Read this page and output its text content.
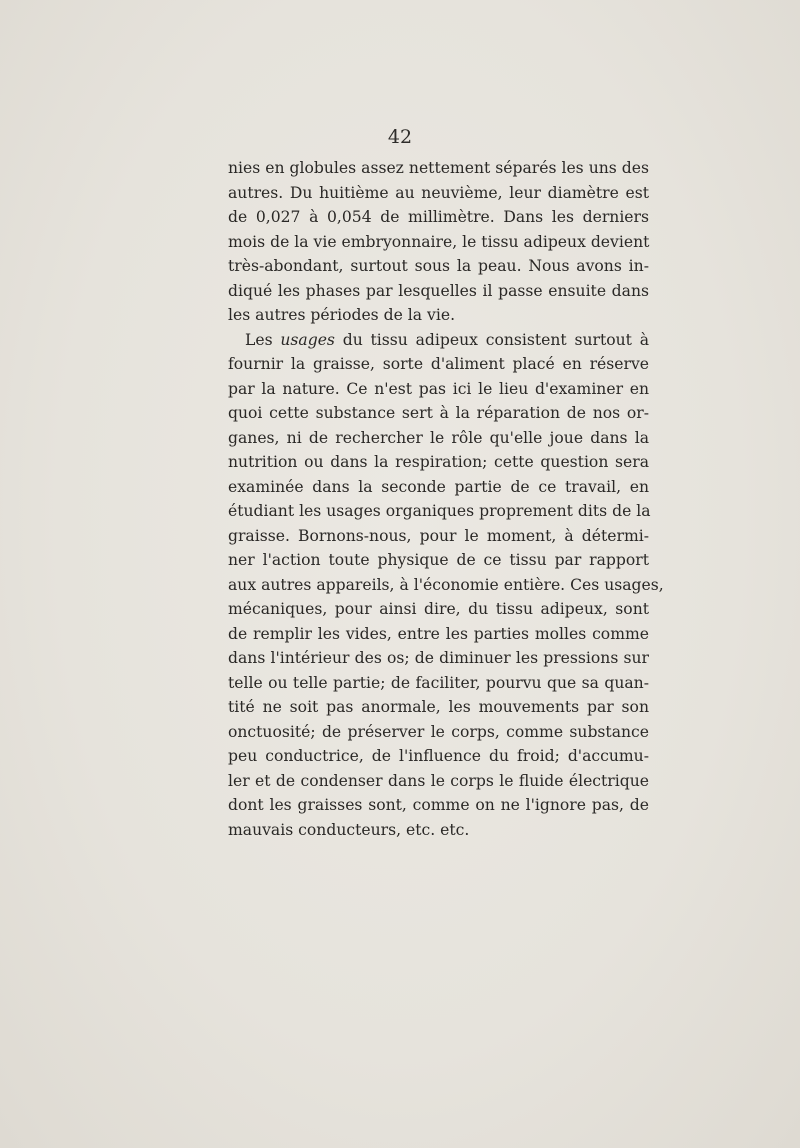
42
nies en globules assez nettement séparés les uns des
autres. Du huitième au neuvième, leur diamètre est
de 0,027 à 0,054 de millimètre. Dans les derniers
mois de la vie embryonnaire, le tissu adipeux devient
très-abondant, surtout sous la peau. Nous avons in-
diqué les phases par lesquelles il passe ensuite dans
les autres périodes de la vie.
Les usages du tissu adipeux consistent surtout à
fournir la graisse, sorte d'aliment placé en réserve
par la nature. Ce n'est pas ici le lieu d'examiner en
quoi cette substance sert à la réparation de nos or-
ganes, ni de rechercher le rôle qu'elle joue dans la
nutrition ou dans la respiration; cette question sera
examinée dans la seconde partie de ce travail, en
étudiant les usages organiques proprement dits de la
graisse. Bornons-nous, pour le moment, à détermi-
ner l'action toute physique de ce tissu par rapport
aux autres appareils, à l'économie entière. Ces usages,
mécaniques, pour ainsi dire, du tissu adipeux, sont
de remplir les vides, entre les parties molles comme
dans l'intérieur des os; de diminuer les pressions sur
telle ou telle partie; de faciliter, pourvu que sa quan-
tité ne soit pas anormale, les mouvements par son
onctuosité; de préserver le corps, comme substance
peu conductrice, de l'influence du froid; d'accumu-
ler et de condenser dans le corps le fluide électrique
dont les graisses sont, comme on ne l'ignore pas, de
mauvais conducteurs, etc. etc.
